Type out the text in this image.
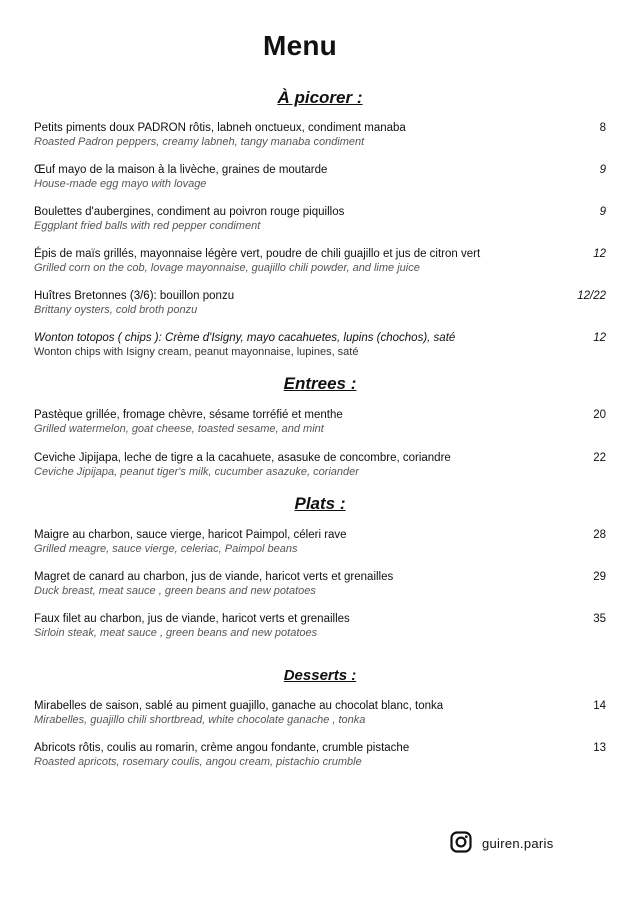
Menu
À picorer :
Petits piments doux PADRON rôtis, labneh onctueux, condiment manaba
Roasted Padron peppers, creamy labneh, tangy manaba condiment
8
Œuf mayo de la maison à la livèche, graines de moutarde
House-made egg mayo with lovage
9
Boulettes d'aubergines, condiment au poivron rouge piquillos
Eggplant fried balls with red pepper condiment
9
Épis de maïs grillés, mayonnaise légère vert, poudre de chili guajillo et jus de citron vert
Grilled corn on the cob, lovage mayonnaise, guajillo chili powder, and lime juice
12
Huîtres Bretonnes (3/6): bouillon ponzu
Brittany oysters, cold broth ponzu
12/22
Wonton totopos ( chips ): Crème d'Isigny, mayo cacahuetes, lupins (chochos), saté
Wonton chips with Isigny cream, peanut mayonnaise, lupines, saté
12
Entrees :
Pastèque grillée, fromage chèvre, sésame torréfié et menthe
Grilled watermelon, goat cheese, toasted sesame, and mint
20
Ceviche Jipijapa, leche de tigre a la cacahuete, asasuke de concombre, coriandre
Ceviche Jipijapa, peanut tiger's milk, cucumber asazuke, coriander
22
Plats :
Maigre au charbon, sauce vierge, haricot Paimpol, céleri rave
Grilled meagre, sauce vierge, celeriac, Paimpol beans
28
Magret de canard au charbon, jus de viande, haricot verts et grenailles
Duck breast, meat sauce , green beans and new potatoes
29
Faux filet au charbon, jus de viande, haricot verts et grenailles
Sirloin steak, meat sauce , green beans and new potatoes
35
Desserts :
Mirabelles de saison, sablé au piment guajillo, ganache au chocolat blanc, tonka
Mirabelles, guajillo chili shortbread, white chocolate ganache , tonka
14
Abricots rôtis, coulis au romarin, crème angou fondante, crumble pistache
Roasted apricots, rosemary coulis, angou cream, pistachio crumble
13
guiren.paris
